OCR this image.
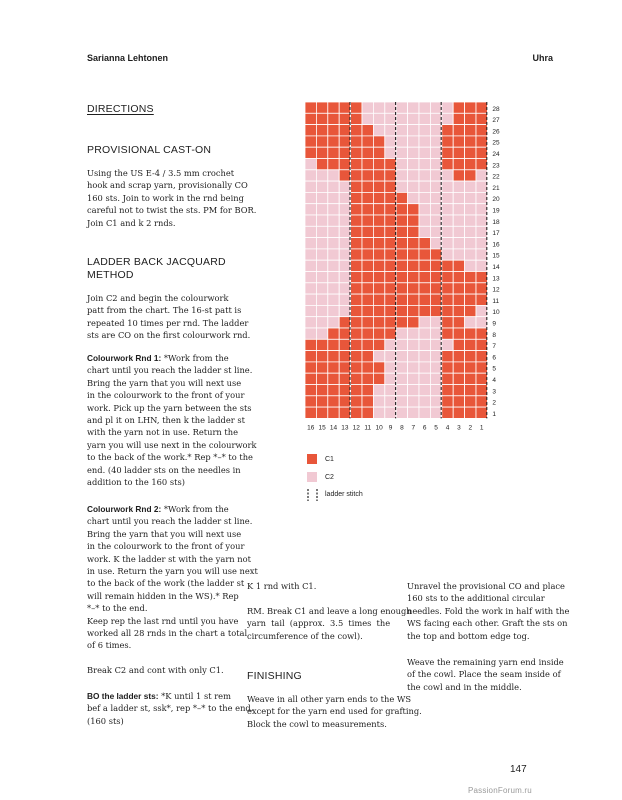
Sarianna Lehtonen	Uhra
DIRECTIONS
PROVISIONAL CAST-ON
Using the US E-4 / 3.5 mm crochet
hook and scrap yarn, provisionally CO
160 sts. Join to work in the rnd being
careful not to twist the sts. PM for BOR.
Join C1 and k 2 rnds.
LADDER BACK JACQUARD
METHOD
Join C2 and begin the colourwork
patt from the chart. The 16-st patt is
repeated 10 times per rnd. The ladder
sts are CO on the first colourwork rnd.
Colourwork Rnd 1: *Work from the
chart until you reach the ladder st line.
Bring the yarn that you will next use
in the colourwork to the front of your
work. Pick up the yarn between the sts
and pl it on LHN, then k the ladder st
with the yarn not in use. Return the
yarn you will use next in the colourwork
to the back of the work.* Rep *–* to the
end. (40 ladder sts on the needles in
addition to the 160 sts)
Colourwork Rnd 2: *Work from the
chart until you reach the ladder st line.
Bring the yarn that you will next use
in the colourwork to the front of your
work. K the ladder st with the yarn not
in use. Return the yarn you will use next
to the back of the work (the ladder st
will remain hidden in the WS).* Rep
*–* to the end.
Keep rep the last rnd until you have
worked all 28 rnds in the chart a total
of 6 times.
Break C2 and cont with only C1.
BO the ladder sts: *K until 1 st rem
bef a ladder st, ssk*, rep *–* to the end.
(160 sts)
28
27
26
25
24
23
22
21
20
19
18
17
16
15
14
13
12
11
10
9
8
7
6
5
4
3
2
1
16 15 14 13 12 11 10 9 8 7 6 5 4 3 2 1
C1
C2
ladder stitch
K 1 rnd with C1.
RM. Break C1 and leave a long enough
yarn tail (approx. 3.5 times the
circumference of the cowl).
FINISHING
Weave in all other yarn ends to the WS
except for the yarn end used for grafting.
Block the cowl to measurements.
Unravel the provisional CO and place
160 sts to the additional circular
needles. Fold the work in half with the
WS facing each other. Graft the sts on
the top and bottom edge tog.
Weave the remaining yarn end inside
of the cowl. Place the seam inside of
the cowl and in the middle.
147
PassionForum.ru
